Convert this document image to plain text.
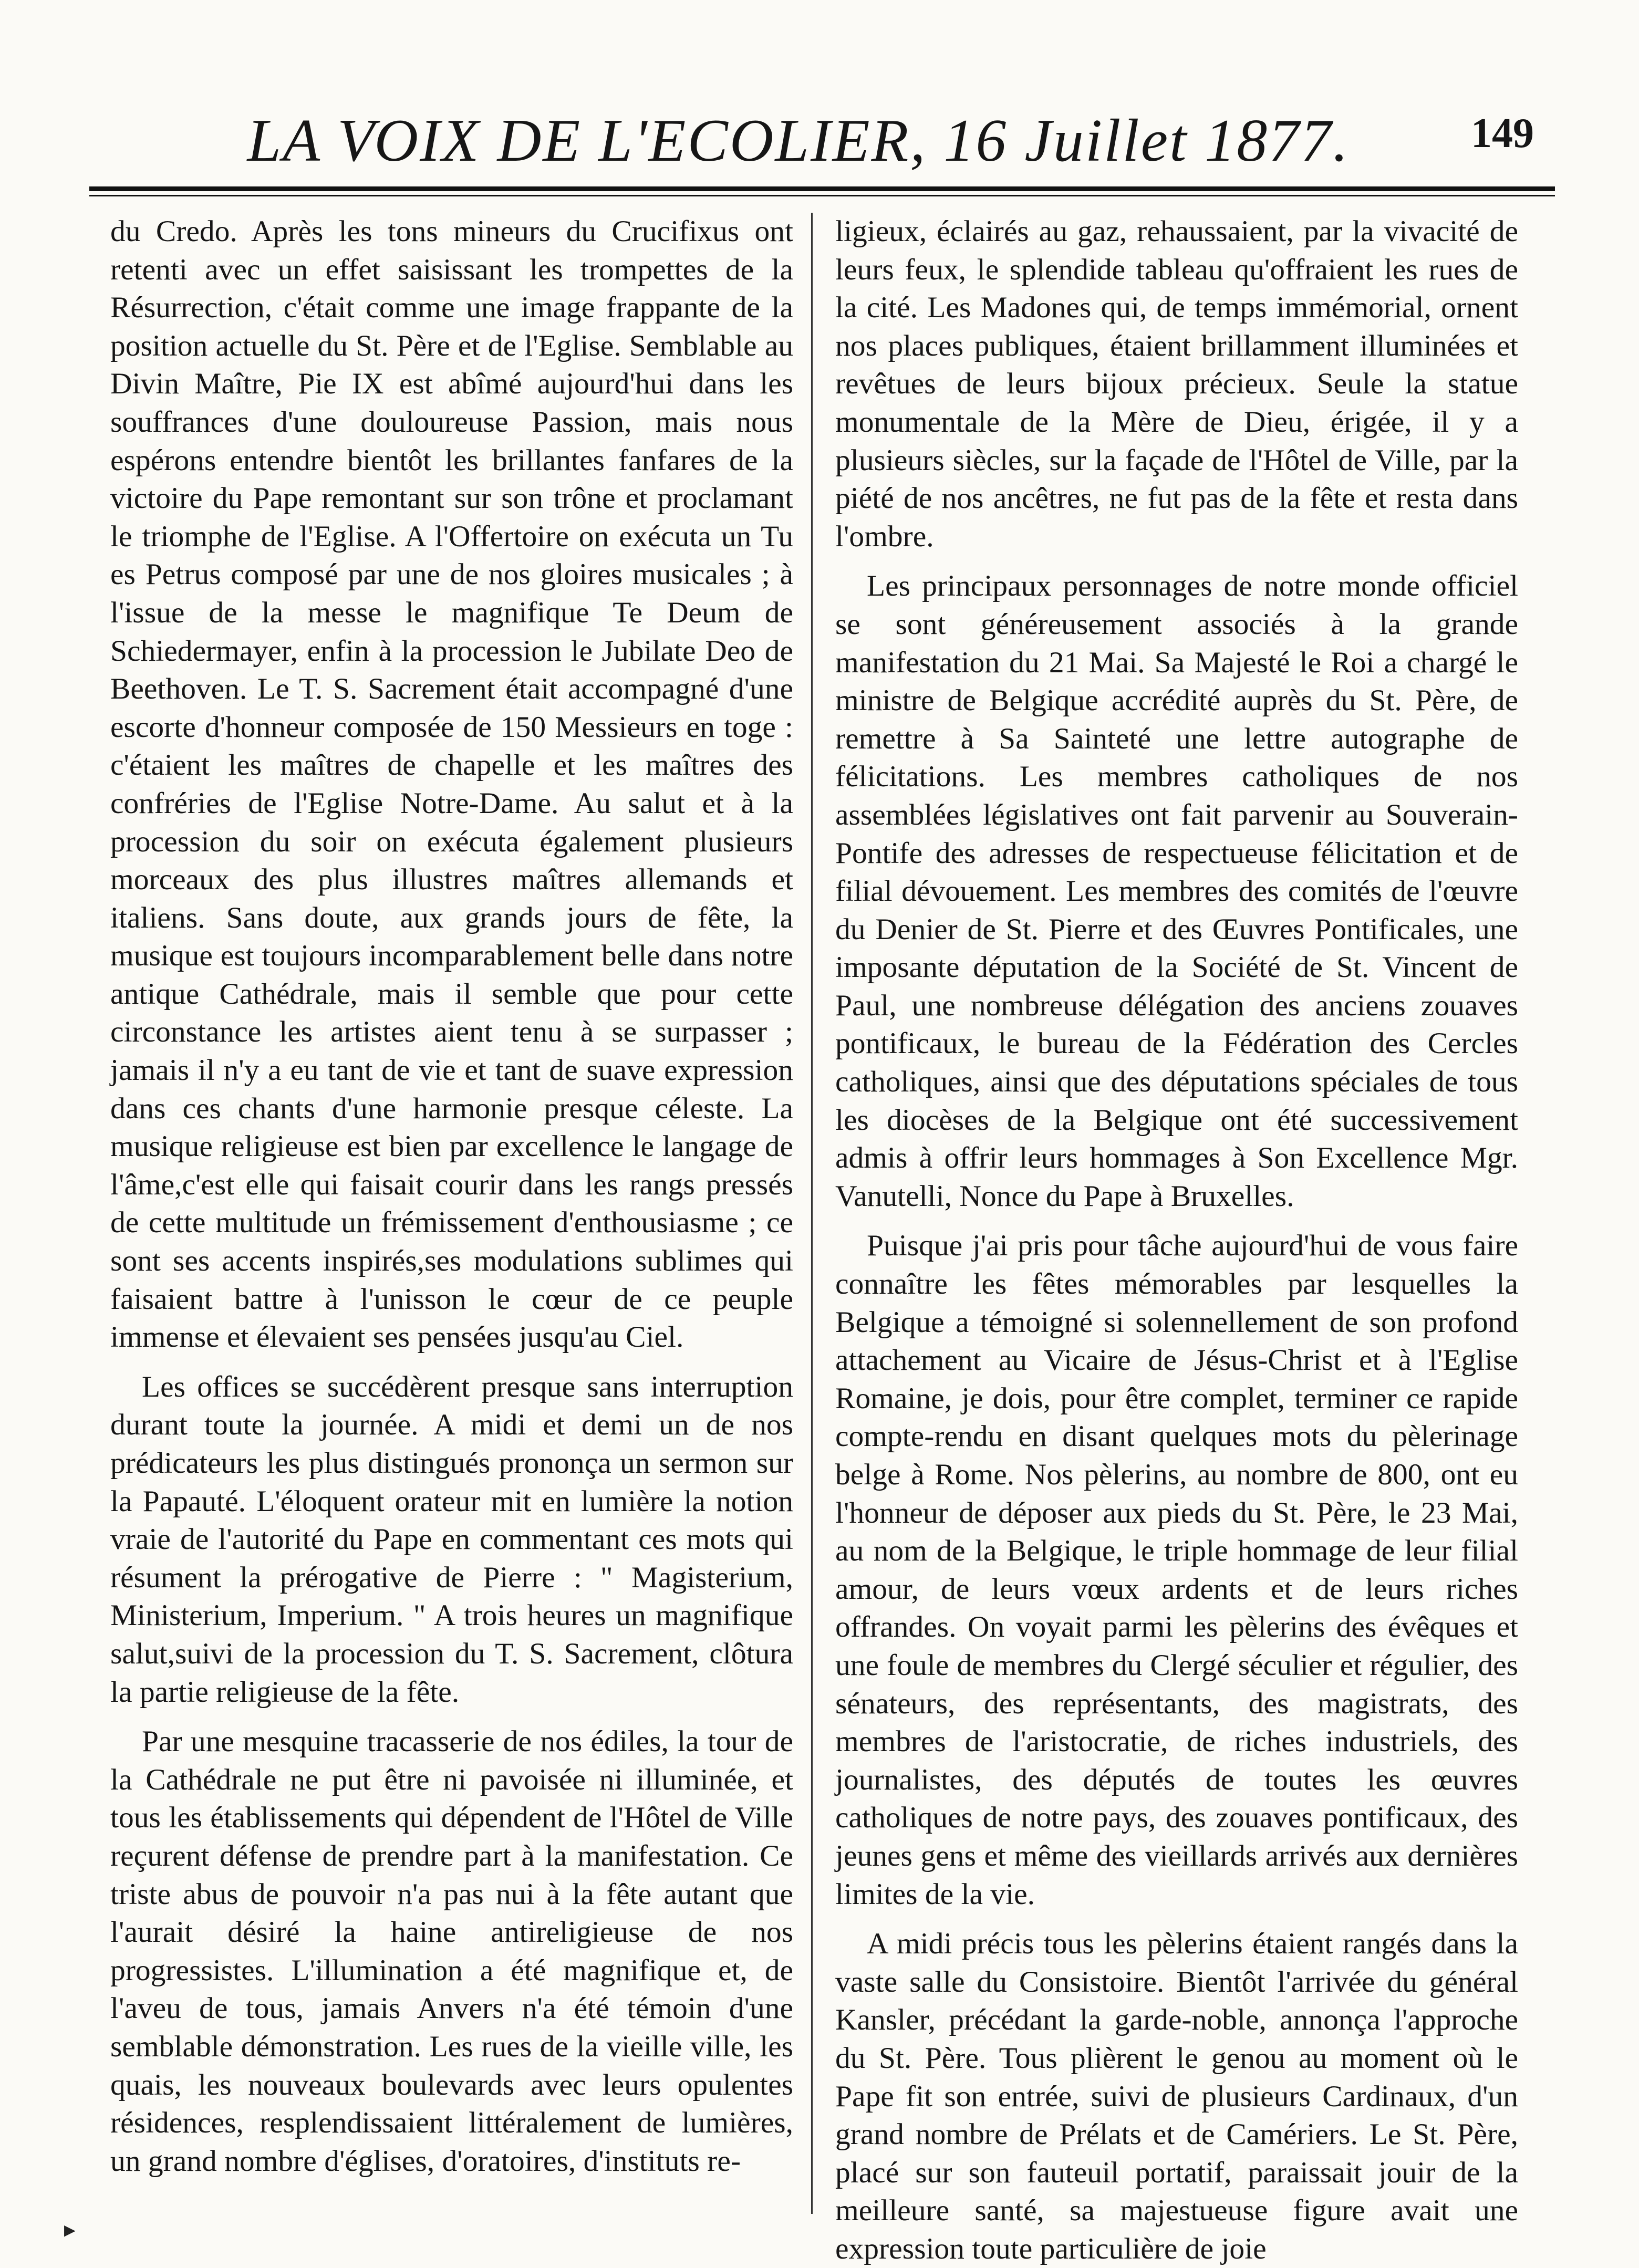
LA VOIX DE L'ECOLIER, 16 Juillet 1877.	149

du Credo. Après les tons mineurs du Crucifixus ont retenti avec un effet saisissant les trompettes de la Résurrection, c'était comme une image frappante de la position actuelle du St. Père et de l'Eglise. Semblable au Divin Maître, Pie IX est abîmé aujourd'hui dans les souffrances d'une douloureuse Passion, mais nous espérons entendre bientôt les brillantes fanfares de la victoire du Pape remontant sur son trône et proclamant le triomphe de l'Eglise. A l'Offertoire on exécuta un Tu es Petrus composé par une de nos gloires musicales ; à l'issue de la messe le magnifique Te Deum de Schiedermayer, enfin à la procession le Jubilate Deo de Beethoven. Le T. S. Sacrement était accompagné d'une escorte d'honneur composée de 150 Messieurs en toge : c'étaient les maîtres de chapelle et les maîtres des confréries de l'Eglise Notre-Dame. Au salut et à la procession du soir on exécuta également plusieurs morceaux des plus illustres maîtres allemands et italiens. Sans doute, aux grands jours de fête, la musique est toujours incomparablement belle dans notre antique Cathédrale, mais il semble que pour cette circonstance les artistes aient tenu à se surpasser ; jamais il n'y a eu tant de vie et tant de suave expression dans ces chants d'une harmonie presque céleste. La musique religieuse est bien par excellence le langage de l'âme,c'est elle qui faisait courir dans les rangs pressés de cette multitude un frémissement d'enthousiasme ; ce sont ses accents inspirés,ses modulations sublimes qui faisaient battre à l'unisson le cœur de ce peuple immense et élevaient ses pensées jusqu'au Ciel.

Les offices se succédèrent presque sans interruption durant toute la journée. A midi et demi un de nos prédicateurs les plus distingués prononça un sermon sur la Papauté. L'éloquent orateur mit en lumière la notion vraie de l'autorité du Pape en commentant ces mots qui résument la prérogative de Pierre : " Magisterium, Ministerium, Imperium. " A trois heures un magnifique salut,suivi de la procession du T. S. Sacrement, clôtura la partie religieuse de la fête.

Par une mesquine tracasserie de nos édiles, la tour de la Cathédrale ne put être ni pavoisée ni illuminée, et tous les établissements qui dépendent de l'Hôtel de Ville reçurent défense de prendre part à la manifestation. Ce triste abus de pouvoir n'a pas nui à la fête autant que l'aurait désiré la haine antireligieuse de nos progressistes. L'illumination a été magnifique et, de l'aveu de tous, jamais Anvers n'a été témoin d'une semblable démonstration. Les rues de la vieille ville, les quais, les nouveaux boulevards avec leurs opulentes résidences, resplendissaient littéralement de lumières, un grand nombre d'églises, d'oratoires, d'instituts re-

ligieux, éclairés au gaz, rehaussaient, par la vivacité de leurs feux, le splendide tableau qu'offraient les rues de la cité. Les Madones qui, de temps immémorial, ornent nos places publiques, étaient brillamment illuminées et revêtues de leurs bijoux précieux. Seule la statue monumentale de la Mère de Dieu, érigée, il y a plusieurs siècles, sur la façade de l'Hôtel de Ville, par la piété de nos ancêtres, ne fut pas de la fête et resta dans l'ombre.

Les principaux personnages de notre monde officiel se sont généreusement associés à la grande manifestation du 21 Mai. Sa Majesté le Roi a chargé le ministre de Belgique accrédité auprès du St. Père, de remettre à Sa Sainteté une lettre autographe de félicitations. Les membres catholiques de nos assemblées législatives ont fait parvenir au Souverain-Pontife des adresses de respectueuse félicitation et de filial dévouement. Les membres des comités de l'œuvre du Denier de St. Pierre et des Œuvres Pontificales, une imposante députation de la Société de St. Vincent de Paul, une nombreuse délégation des anciens zouaves pontificaux, le bureau de la Fédération des Cercles catholiques, ainsi que des députations spéciales de tous les diocèses de la Belgique ont été successivement admis à offrir leurs hommages à Son Excellence Mgr. Vanutelli, Nonce du Pape à Bruxelles.

Puisque j'ai pris pour tâche aujourd'hui de vous faire connaître les fêtes mémorables par lesquelles la Belgique a témoigné si solennellement de son profond attachement au Vicaire de Jésus-Christ et à l'Eglise Romaine, je dois, pour être complet, terminer ce rapide compte-rendu en disant quelques mots du pèlerinage belge à Rome. Nos pèlerins, au nombre de 800, ont eu l'honneur de déposer aux pieds du St. Père, le 23 Mai, au nom de la Belgique, le triple hommage de leur filial amour, de leurs vœux ardents et de leurs riches offrandes. On voyait parmi les pèlerins des évêques et une foule de membres du Clergé séculier et régulier, des sénateurs, des représentants, des magistrats, des membres de l'aristocratie, de riches industriels, des journalistes, des députés de toutes les œuvres catholiques de notre pays, des zouaves pontificaux, des jeunes gens et même des vieillards arrivés aux dernières limites de la vie.

A midi précis tous les pèlerins étaient rangés dans la vaste salle du Consistoire. Bientôt l'arrivée du général Kansler, précédant la garde-noble, annonça l'approche du St. Père. Tous plièrent le genou au moment où le Pape fit son entrée, suivi de plusieurs Cardinaux, d'un grand nombre de Prélats et de Camériers. Le St. Père, placé sur son fauteuil portatif, paraissait jouir de la meilleure santé, sa majestueuse figure avait une expression toute particulière de joie

►
